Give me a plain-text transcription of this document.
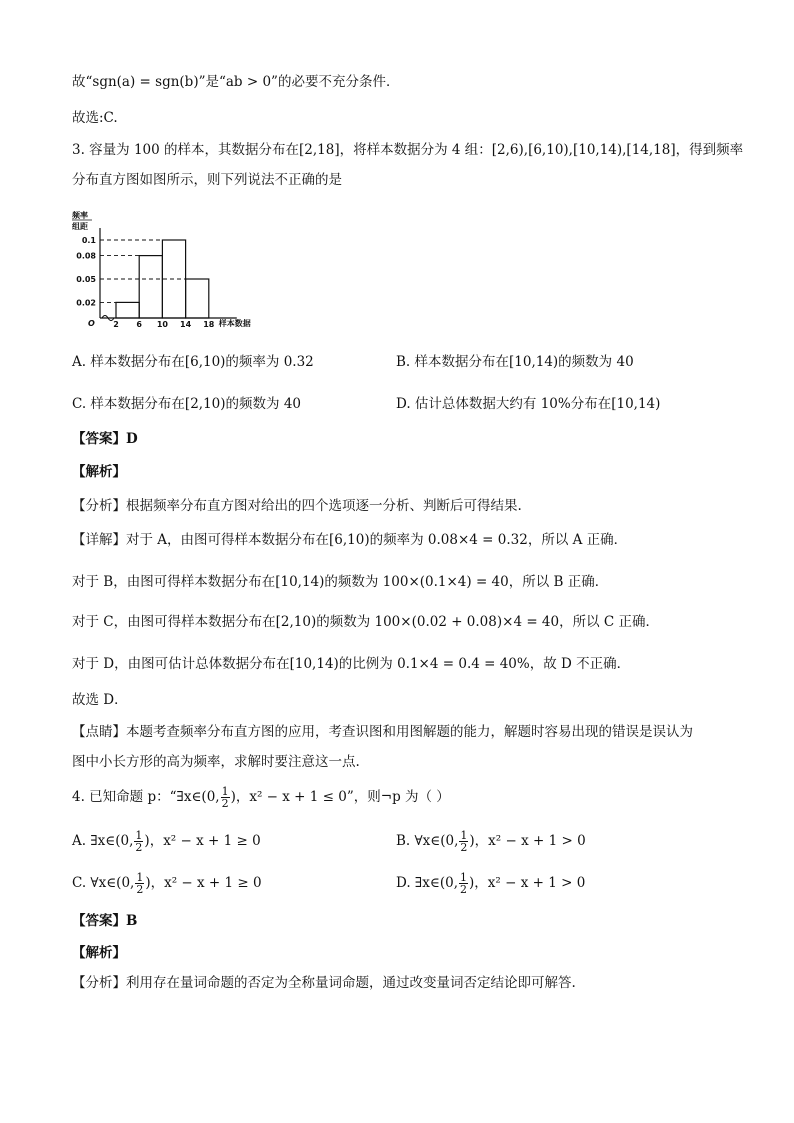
故“sgn(a) = sgn(b)”是“ab > 0”的必要不充分条件．
故选:C.
3. 容量为 100 的样本，其数据分布在[2,18]，将样本数据分为 4 组：[2,6),[6,10),[10,14),[14,18]，得到频率
分布直方图如图所示，则下列说法不正确的是
频率
组距
O	样本数据
0.02
0.05
0.08
0.1
2 6 10 14 18
A. 样本数据分布在[6,10)的频率为 0.32	B. 样本数据分布在[10,14)的频数为 40
C. 样本数据分布在[2,10)的频数为 40	D. 估计总体数据大约有 10%分布在[10,14)
【答案】D
【解析】
【分析】根据频率分布直方图对给出的四个选项逐一分析、判断后可得结果.
【详解】对于 A，由图可得样本数据分布在[6,10)的频率为 0.08×4 = 0.32，所以 A 正确．
对于 B，由图可得样本数据分布在[10,14)的频数为 100×(0.1×4) = 40，所以 B 正确．
对于 C，由图可得样本数据分布在[2,10)的频数为 100×(0.02 + 0.08)×4 = 40，所以 C 正确．
对于 D，由图可估计总体数据分布在[10,14)的比例为 0.1×4 = 0.4 = 40%，故 D 不正确．
故选 D．
【点睛】本题考查频率分布直方图的应用，考查识图和用图解题的能力，解题时容易出现的错误是误认为
图中小长方形的高为频率，求解时要注意这一点.
4. 已知命题 p：“∃x∈(0, $\frac{1}{2}$ )，x² − x + 1 ≤ 0”，则¬p 为（ ）
A. ∃x∈(0, $\frac{1}{2}$ )，x² − x + 1 ≥ 0	B. ∀x∈(0, $\frac{1}{2}$ )，x² − x + 1 > 0
C. ∀x∈(0, $\frac{1}{2}$ )，x² − x + 1 ≥ 0	D. ∃x∈(0, $\frac{1}{2}$ )，x² − x + 1 > 0
【答案】B
【解析】
【分析】利用存在量词命题的否定为全称量词命题，通过改变量词否定结论即可解答.
